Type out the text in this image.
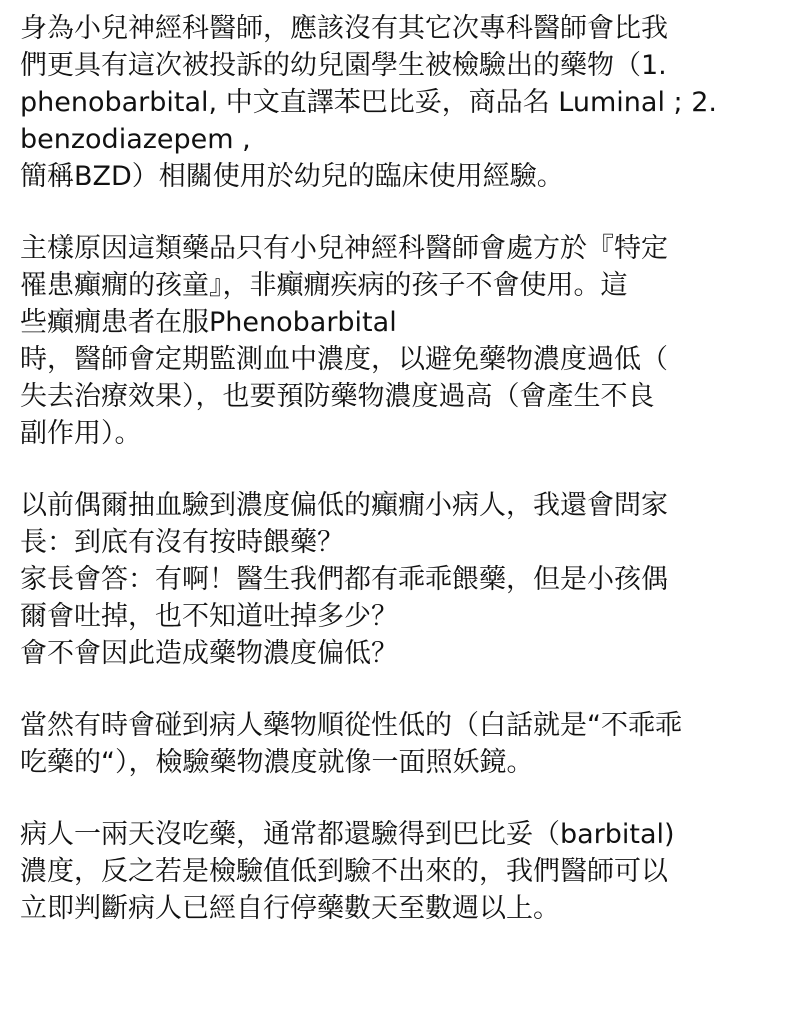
身為小兒神經科醫師，應該沒有其它次專科醫師會比我
們更具有這次被投訴的幼兒園學生被檢驗出的藥物（1.
phenobarbital, 中文直譯苯巴比妥，商品名 Luminal ; 2.
benzodiazepem ,
簡稱BZD）相關使用於幼兒的臨床使用經驗。
主樣原因這類藥品只有小兒神經科醫師會處方於『特定
罹患癲癇的孩童』，非癲癇疾病的孩子不會使用。這
些癲癇患者在服Phenobarbital
時，醫師會定期監測血中濃度，以避免藥物濃度過低（
失去治療效果），也要預防藥物濃度過高（會產生不良
副作用）。
以前偶爾抽血驗到濃度偏低的癲癇小病人，我還會問家
長：到底有沒有按時餵藥？
家長會答：有啊！醫生我們都有乖乖餵藥，但是小孩偶
爾會吐掉，也不知道吐掉多少？
會不會因此造成藥物濃度偏低？
當然有時會碰到病人藥物順從性低的（白話就是“不乖乖
吃藥的“），檢驗藥物濃度就像一面照妖鏡。
病人一兩天沒吃藥，通常都還驗得到巴比妥（barbital)
濃度，反之若是檢驗值低到驗不出來的，我們醫師可以
立即判斷病人已經自行停藥數天至數週以上。
